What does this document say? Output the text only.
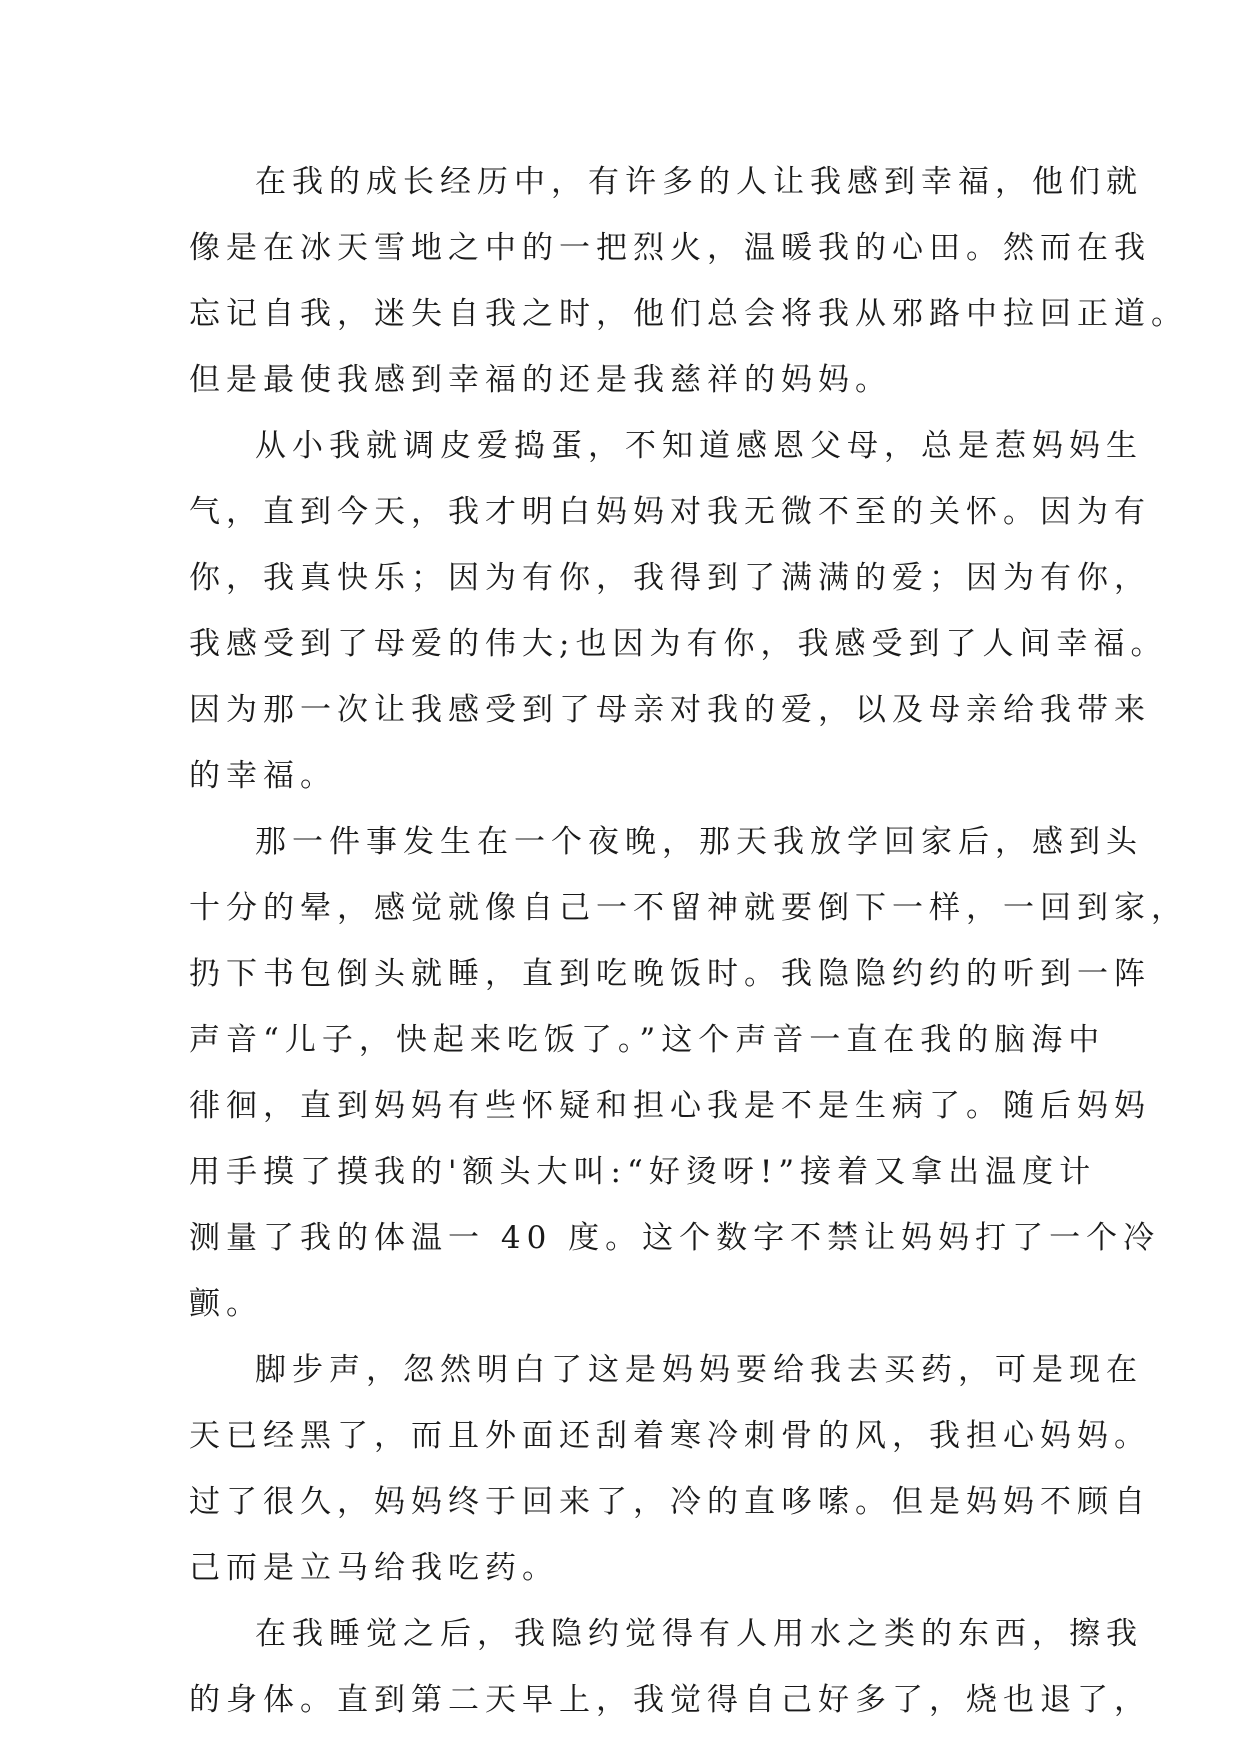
在我的成长经历中，有许多的人让我感到幸福，他们就
像是在冰天雪地之中的一把烈火，温暖我的心田。然而在我
忘记自我，迷失自我之时，他们总会将我从邪路中拉回正道。
但是最使我感到幸福的还是我慈祥的妈妈。
从小我就调皮爱捣蛋，不知道感恩父母，总是惹妈妈生
气，直到今天，我才明白妈妈对我无微不至的关怀。因为有
你，我真快乐；因为有你，我得到了满满的爱；因为有你，
我感受到了母爱的伟大;也因为有你，我感受到了人间幸福。
因为那一次让我感受到了母亲对我的爱，以及母亲给我带来
的幸福。
那一件事发生在一个夜晚，那天我放学回家后，感到头
十分的晕，感觉就像自己一不留神就要倒下一样，一回到家，
扔下书包倒头就睡，直到吃晚饭时。我隐隐约约的听到一阵
声音“儿子，快起来吃饭了。”这个声音一直在我的脑海中
徘徊，直到妈妈有些怀疑和担心我是不是生病了。随后妈妈
用手摸了摸我的'额头大叫:“好烫呀!”接着又拿出温度计
测量了我的体温一 40 度。这个数字不禁让妈妈打了一个冷
颤。
脚步声，忽然明白了这是妈妈要给我去买药，可是现在
天已经黑了，而且外面还刮着寒冷刺骨的风，我担心妈妈。
过了很久，妈妈终于回来了，冷的直哆嗦。但是妈妈不顾自
己而是立马给我吃药。
在我睡觉之后，我隐约觉得有人用水之类的东西，擦我
的身体。直到第二天早上，我觉得自己好多了，烧也退了，
